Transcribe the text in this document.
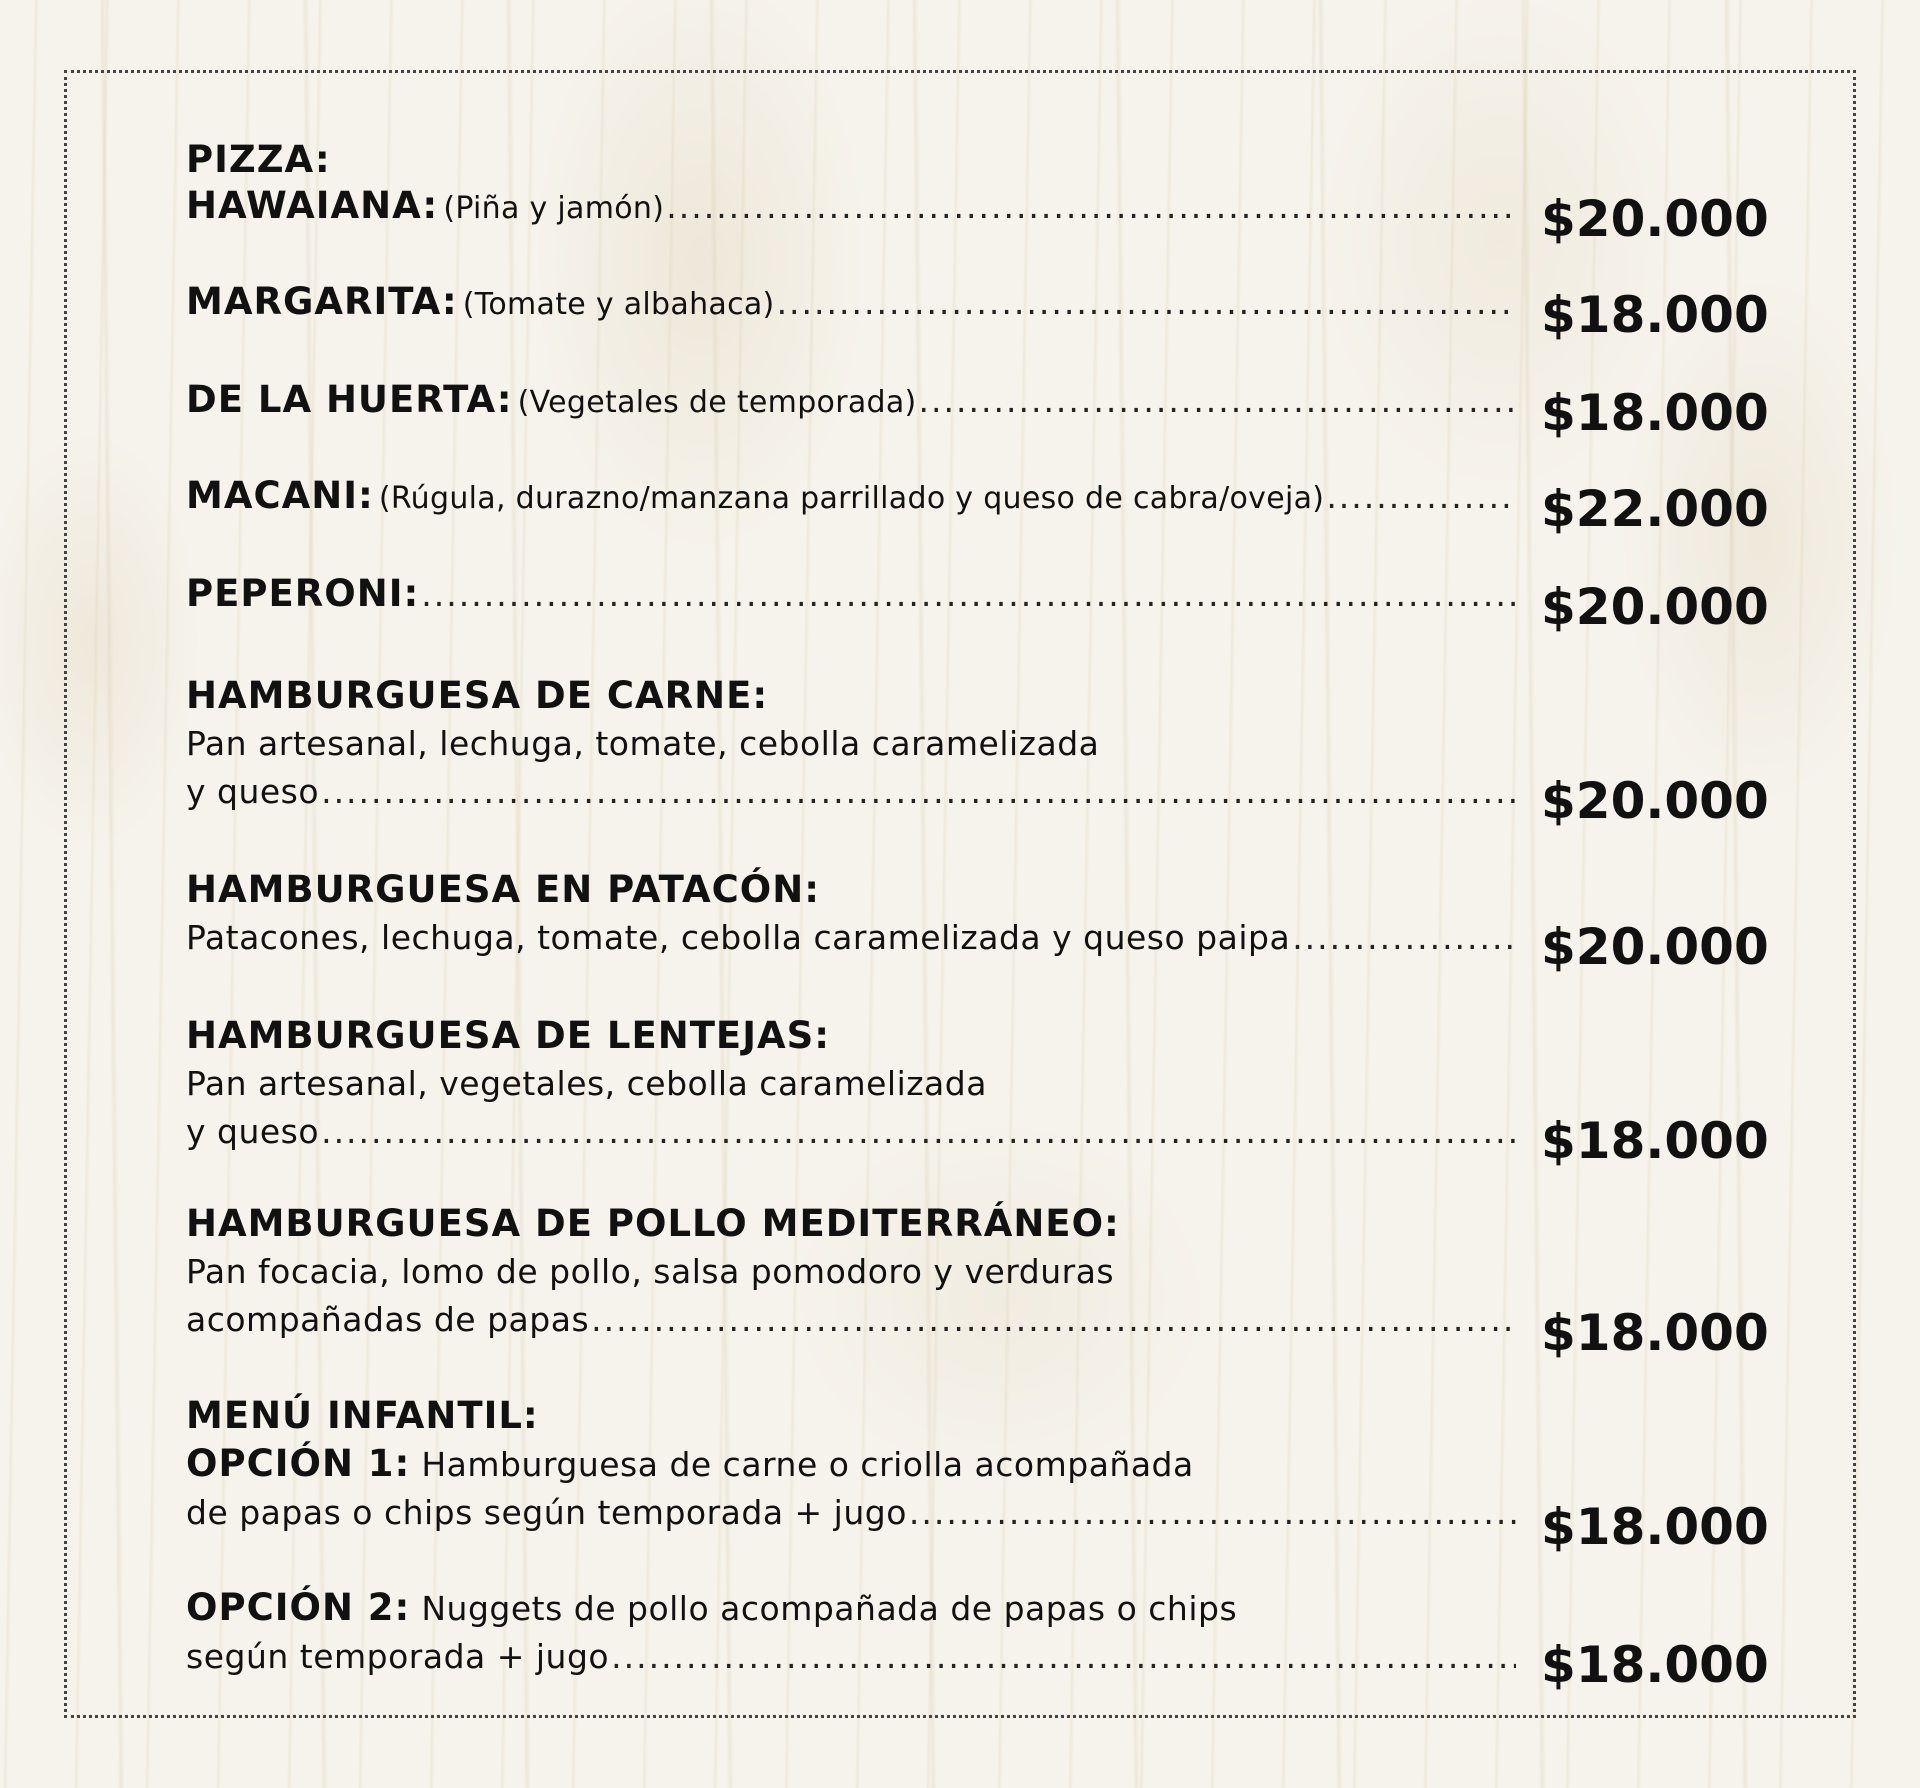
PIZZA:
HAWAIANA: (Piña y jamón) .....	$20.000
MARGARITA: (Tomate y albahaca) .....	$18.000
DE LA HUERTA: (Vegetales de temporada) .....	$18.000
MACANI: (Rúgula, durazno/manzana parrillado y queso de cabra/oveja) .....	$22.000
PEPERONI: .....	$20.000
HAMBURGUESA DE CARNE:
Pan artesanal, lechuga, tomate, cebolla caramelizada
y queso .....	$20.000
HAMBURGUESA EN PATACÓN:
Patacones, lechuga, tomate, cebolla caramelizada y queso paipa .....	$20.000
HAMBURGUESA DE LENTEJAS:
Pan artesanal, vegetales, cebolla caramelizada
y queso .....	$18.000
HAMBURGUESA DE POLLO MEDITERRÁNEO:
Pan focacia, lomo de pollo, salsa pomodoro y verduras
acompañadas de papas .....	$18.000
MENÚ INFANTIL:
OPCIÓN 1: Hamburguesa de carne o criolla acompañada
de papas o chips según temporada + jugo .....	$18.000
OPCIÓN 2: Nuggets de pollo acompañada de papas o chips
según temporada + jugo .....	$18.000
